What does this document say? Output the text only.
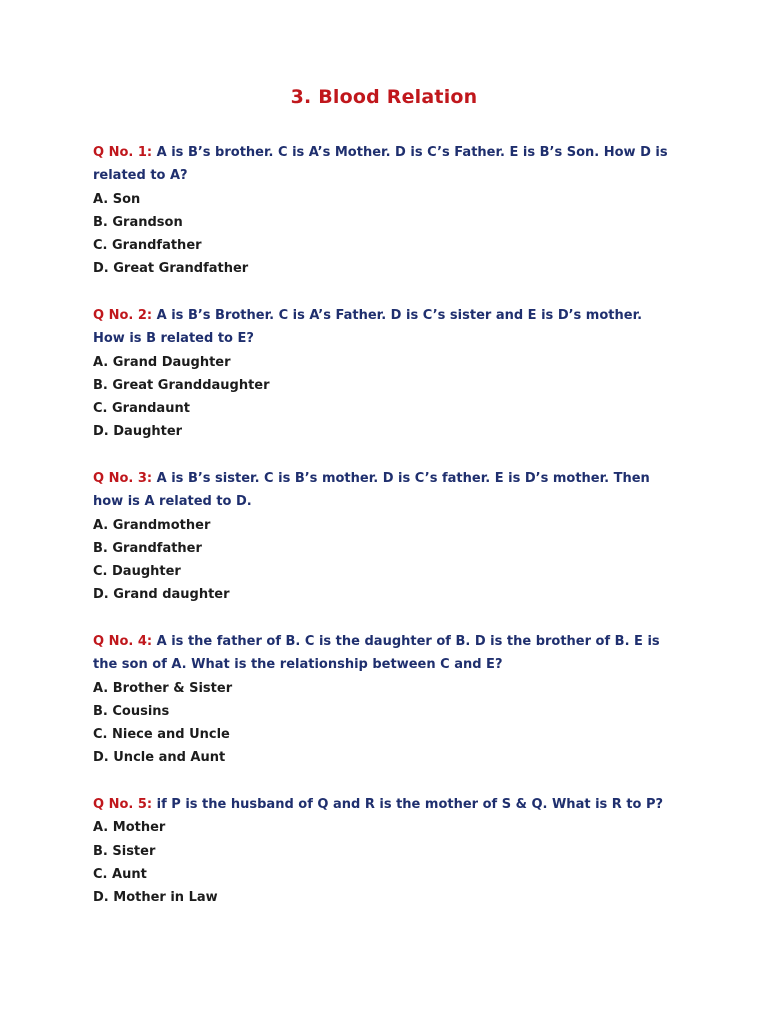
3. Blood Relation
Q No. 1: A is B’s brother. C is A’s Mother. D is C’s Father. E is B’s Son. How D is related to A?
A. Son
B. Grandson
C. Grandfather
D. Great Grandfather
Q No. 2: A is B’s Brother. C is A’s Father. D is C’s sister and E is D’s mother. How is B related to E?
A. Grand Daughter
B. Great Granddaughter
C. Grandaunt
D. Daughter
Q No. 3: A is B’s sister. C is B’s mother. D is C’s father. E is D’s mother. Then how is A related to D.
A. Grandmother
B. Grandfather
C. Daughter
D. Grand daughter
Q No. 4: A is the father of B. C is the daughter of B. D is the brother of B. E is the son of A. What is the relationship between C and E?
A. Brother & Sister
B. Cousins
C. Niece and Uncle
D. Uncle and Aunt
Q No. 5: if P is the husband of Q and R is the mother of S & Q. What is R to P?
A. Mother
B. Sister
C. Aunt
D. Mother in Law
